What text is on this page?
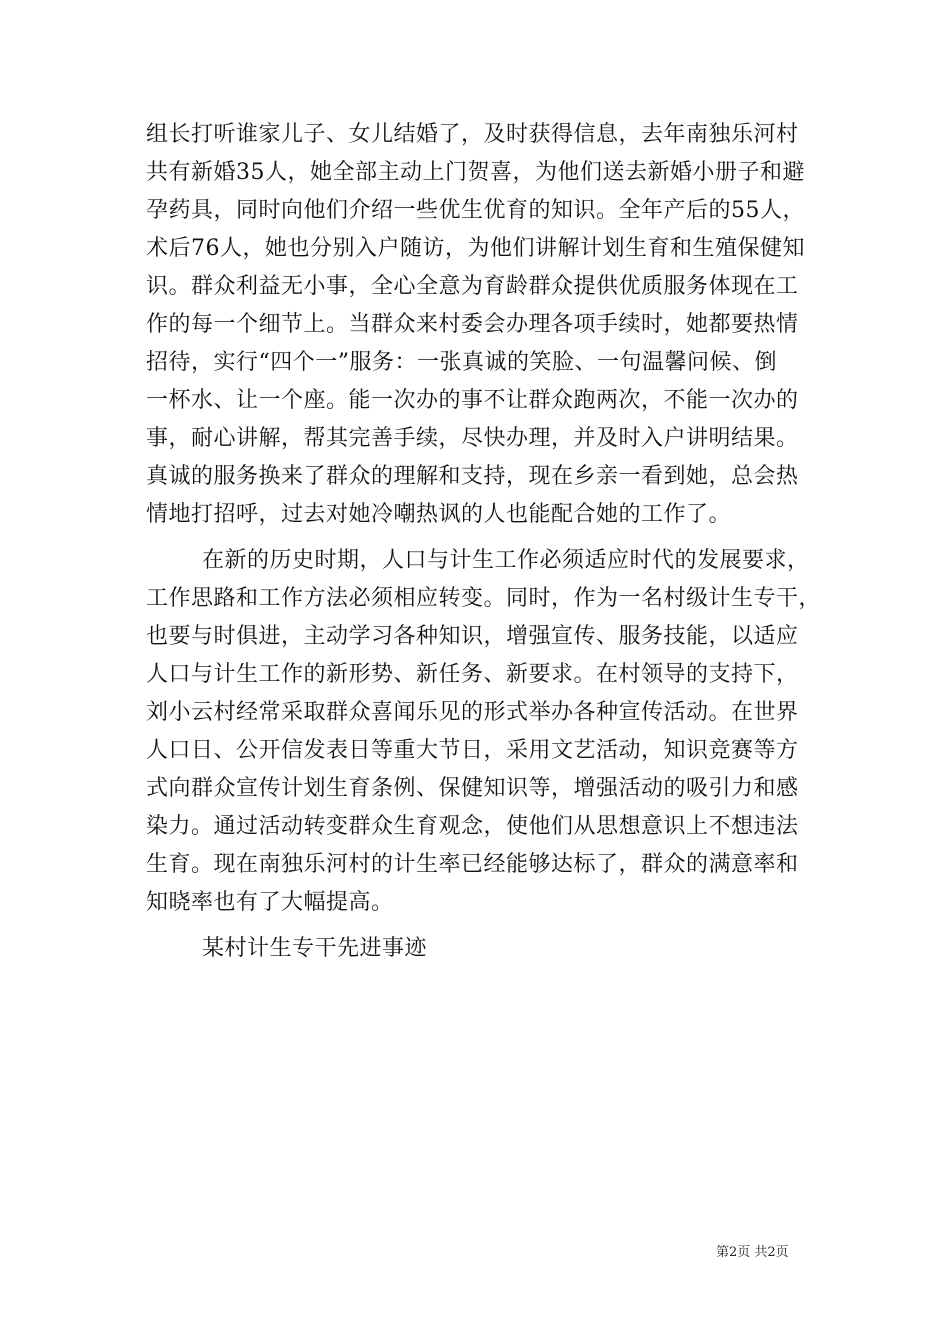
组长打听谁家儿子、女儿结婚了，及时获得信息，去年南独乐河村
共有新婚35人，她全部主动上门贺喜，为他们送去新婚小册子和避
孕药具，同时向他们介绍一些优生优育的知识。全年产后的55人，
术后76人，她也分别入户随访，为他们讲解计划生育和生殖保健知
识。群众利益无小事，全心全意为育龄群众提供优质服务体现在工
作的每一个细节上。当群众来村委会办理各项手续时，她都要热情
招待，实行“四个一”服务：一张真诚的笑脸、一句温馨问候、倒
一杯水、让一个座。能一次办的事不让群众跑两次，不能一次办的
事，耐心讲解，帮其完善手续，尽快办理，并及时入户讲明结果。
真诚的服务换来了群众的理解和支持，现在乡亲一看到她，总会热
情地打招呼，过去对她冷嘲热讽的人也能配合她的工作了。
在新的历史时期，人口与计生工作必须适应时代的发展要求，
工作思路和工作方法必须相应转变。同时，作为一名村级计生专干，
也要与时俱进，主动学习各种知识，增强宣传、服务技能，以适应
人口与计生工作的新形势、新任务、新要求。在村领导的支持下，
刘小云村经常采取群众喜闻乐见的形式举办各种宣传活动。在世界
人口日、公开信发表日等重大节日，采用文艺活动，知识竞赛等方
式向群众宣传计划生育条例、保健知识等，增强活动的吸引力和感
染力。通过活动转变群众生育观念，使他们从思想意识上不想违法
生育。现在南独乐河村的计生率已经能够达标了，群众的满意率和
知晓率也有了大幅提高。
某村计生专干先进事迹
第2页 共2页
